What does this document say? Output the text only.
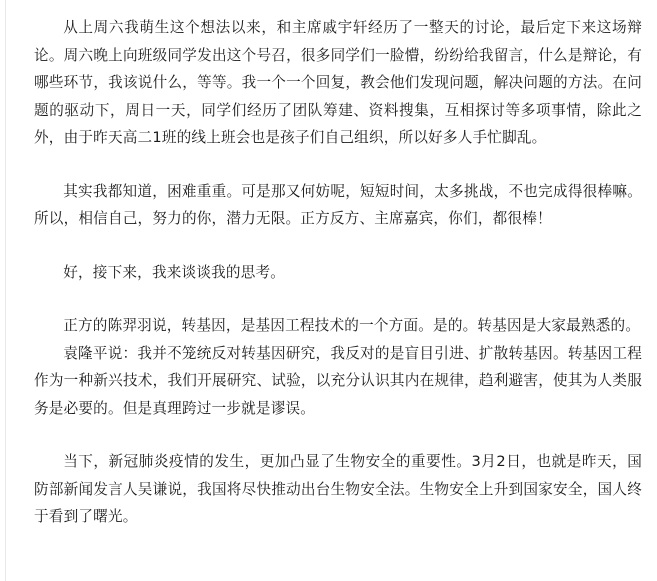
从上周六我萌生这个想法以来，和主席戚宇轩经历了一整天的讨论，最后定下来这场辩论。周六晚上向班级同学发出这个号召，很多同学们一脸懵，纷纷给我留言，什么是辩论，有哪些环节，我该说什么，等等。我一个一个回复，教会他们发现问题，解决问题的方法。在问题的驱动下，周日一天，同学们经历了团队筹建、资料搜集，互相探讨等多项事情，除此之外，由于昨天高二1班的线上班会也是孩子们自己组织，所以好多人手忙脚乱。

其实我都知道，困难重重。可是那又何妨呢，短短时间，太多挑战，不也完成得很棒嘛。所以，相信自己，努力的你，潜力无限。正方反方、主席嘉宾，你们，都很棒！

好，接下来，我来谈谈我的思考。

正方的陈羿羽说，转基因，是基因工程技术的一个方面。是的。转基因是大家最熟悉的。

袁隆平说：我并不笼统反对转基因研究，我反对的是盲目引进、扩散转基因。转基因工程作为一种新兴技术，我们开展研究、试验，以充分认识其内在规律，趋利避害，使其为人类服务是必要的。但是真理跨过一步就是谬误。

当下，新冠肺炎疫情的发生，更加凸显了生物安全的重要性。3月2日，也就是昨天，国防部新闻发言人吴谦说，我国将尽快推动出台生物安全法。生物安全上升到国家安全，国人终于看到了曙光。
